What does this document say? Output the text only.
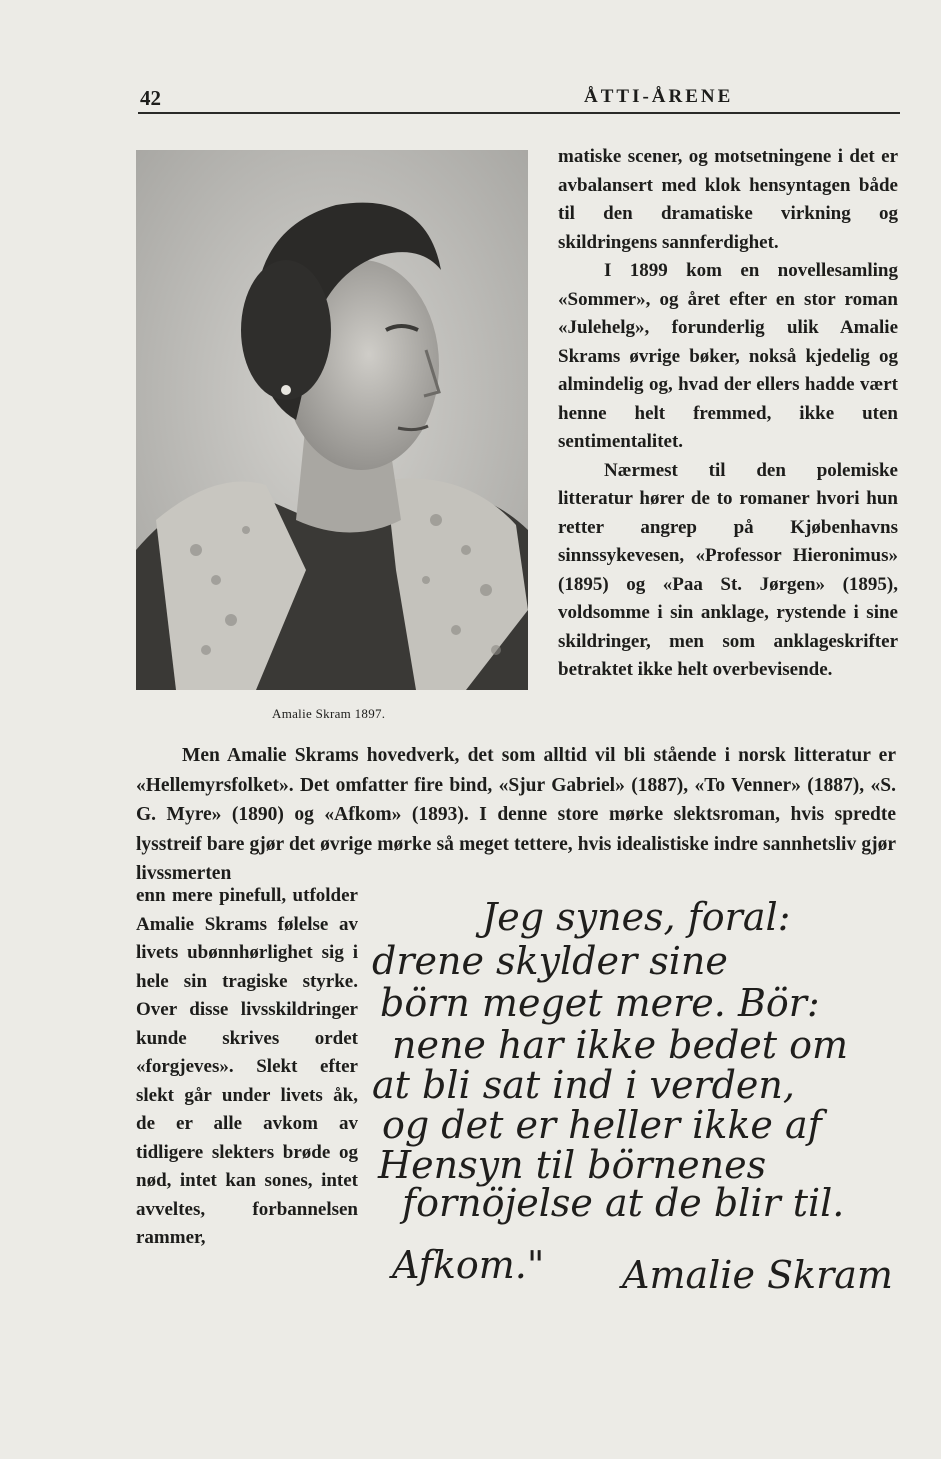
42	ÅTTI-ÅRENE
Amalie Skram 1897.

matiske scener, og motsetningene i det er avbalansert med klok hensyntagen både til den dramatiske virkning og skildringens sannferdighet.

I 1899 kom en novellesamling «Sommer», og året efter en stor roman «Julehelg», forunderlig ulik Amalie Skrams øvrige bøker, nokså kjedelig og almindelig og, hvad der ellers hadde vært henne helt fremmed, ikke uten sentimentalitet.

Nærmest til den polemiske litteratur hører de to romaner hvori hun retter angrep på Kjøbenhavns sinnssykevesen, «Professor Hieronimus» (1895) og «Paa St. Jørgen» (1895), voldsomme i sin anklage, rystende i sine skildringer, men som anklageskrifter betraktet ikke helt overbevisende.

Men Amalie Skrams hovedverk, det som alltid vil bli stående i norsk litteratur er «Hellemyrsfolket». Det omfatter fire bind, «Sjur Gabriel» (1887), «To Venner» (1887), «S. G. Myre» (1890) og «Afkom» (1893). I denne store mørke slektsroman, hvis spredte lysstreif bare gjør det øvrige mørke så meget tettere, hvis idealistiske indre sannhetsliv gjør livssmerten

enn mere pinefull, utfolder Amalie Skrams følelse av livets ubønnhørlighet sig i hele sin tragiske styrke. Over disse livsskildringer kunde skrives ordet «forgjeves». Slekt efter slekt går under livets åk, de er alle avkom av tidligere slekters brøde og nød, intet kan sones, intet avveltes, forbannelsen rammer,

Jeg synes, foral:
drene skylder sine
börn meget mere. Bör:
nene har ikke bedet om
at bli sat ind i verden,
og det er heller ikke af
Hensyn til börnenes
fornöjelse at de blir til.
Afkom." Amalie Skram
